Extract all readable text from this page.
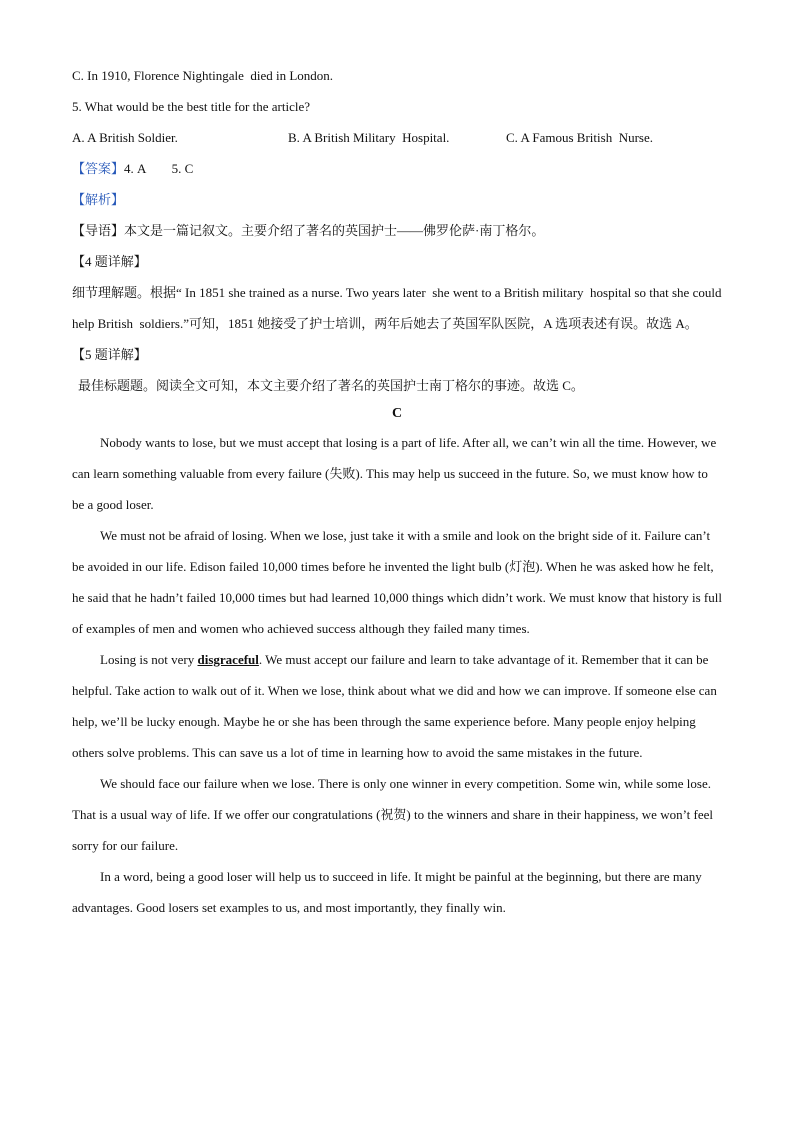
C. In 1910, Florence Nightingale  died in London.

5. What would be the best title for the article?

A. A British Soldier.	B. A British Military  Hospital.	C. A Famous British  Nurse.

【答案】4. A        5. C

【解析】

【导语】本文是一篇记叙文。主要介绍了著名的英国护士——佛罗伦萨·南丁格尔。

【4 题详解】

细节理解题。根据“ In 1851 she trained as a nurse. Two years later  she went to a British military  hospital so that she could help British  soldiers.”可知，1851 她接受了护士培训，两年后她去了英国军队医院，A 选项表述有误。故选 A。

【5 题详解】

最佳标题题。阅读全文可知，本文主要介绍了著名的英国护士南丁格尔的事迹。故选 C。

C

Nobody wants to lose, but we must accept that losing is a part of life. After all, we can’t win all the time. However, we can learn something valuable from every failure (失败). This may help us succeed in the future. So, we must know how to be a good loser.

We must not be afraid of losing. When we lose, just take it with a smile and look on the bright side of it. Failure can’t be avoided in our life. Edison failed 10,000 times before he invented the light bulb (灯泡). When he was asked how he felt, he said that he hadn’t failed 10,000 times but had learned 10,000 things which didn’t work. We must know that history is full of examples of men and women who achieved success although they failed many times.

Losing is not very disgraceful. We must accept our failure and learn to take advantage of it. Remember that it can be helpful. Take action to walk out of it. When we lose, think about what we did and how we can improve. If someone else can help, we’ll be lucky enough. Maybe he or she has been through the same experience before. Many people enjoy helping others solve problems. This can save us a lot of time in learning how to avoid the same mistakes in the future.

We should face our failure when we lose. There is only one winner in every competition. Some win, while some lose. That is a usual way of life. If we offer our congratulations (祝贺) to the winners and share in their happiness, we won’t feel sorry for our failure.

In a word, being a good loser will help us to succeed in life. It might be painful at the beginning, but there are many advantages. Good losers set examples to us, and most importantly, they finally win.
